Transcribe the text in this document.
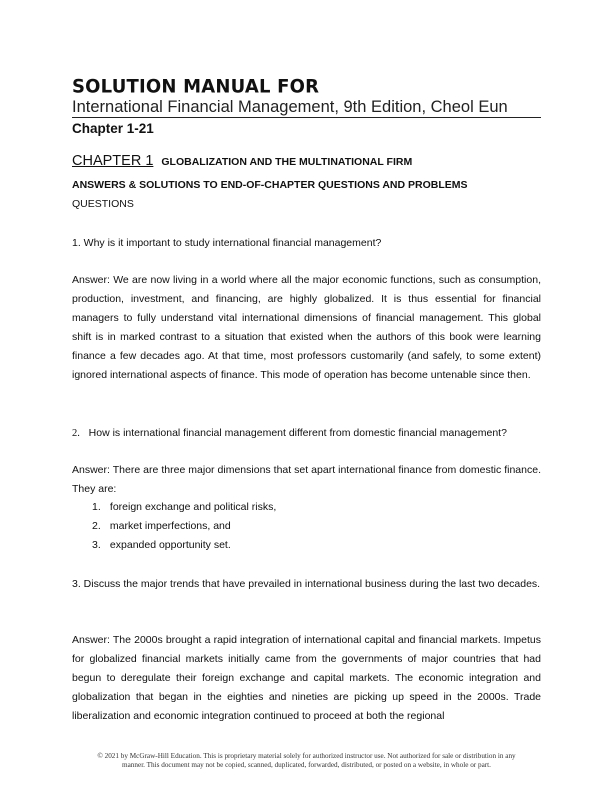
SOLUTION MANUAL FOR
International Financial Management, 9th Edition, Cheol Eun
Chapter 1-21
CHAPTER 1 GLOBALIZATION AND THE MULTINATIONAL FIRM
ANSWERS & SOLUTIONS TO END-OF-CHAPTER QUESTIONS AND PROBLEMS
QUESTIONS

1. Why is it important to study international financial management?

Answer: We are now living in a world where all the major economic functions, such as consumption, production, investment, and financing, are highly globalized. It is thus essential for financial managers to fully understand vital international dimensions of financial management. This global shift is in marked contrast to a situation that existed when the authors of this book were learning finance a few decades ago. At that time, most professors customarily (and safely, to some extent) ignored international aspects of finance. This mode of operation has become untenable since then.

2. How is international financial management different from domestic financial management?

Answer: There are three major dimensions that set apart international finance from domestic finance. They are:

1. foreign exchange and political risks,
2. market imperfections, and
3. expanded opportunity set.

3. Discuss the major trends that have prevailed in international business during the last two decades.

Answer: The 2000s brought a rapid integration of international capital and financial markets. Impetus for globalized financial markets initially came from the governments of major countries that had begun to deregulate their foreign exchange and capital markets. The economic integration and globalization that began in the eighties and nineties are picking up speed in the 2000s. Trade liberalization and economic integration continued to proceed at both the regional

© 2021 by McGraw-Hill Education. This is proprietary material solely for authorized instructor use. Not authorized for sale or distribution in any
manner. This document may not be copied, scanned, duplicated, forwarded, distributed, or posted on a website, in whole or part.
